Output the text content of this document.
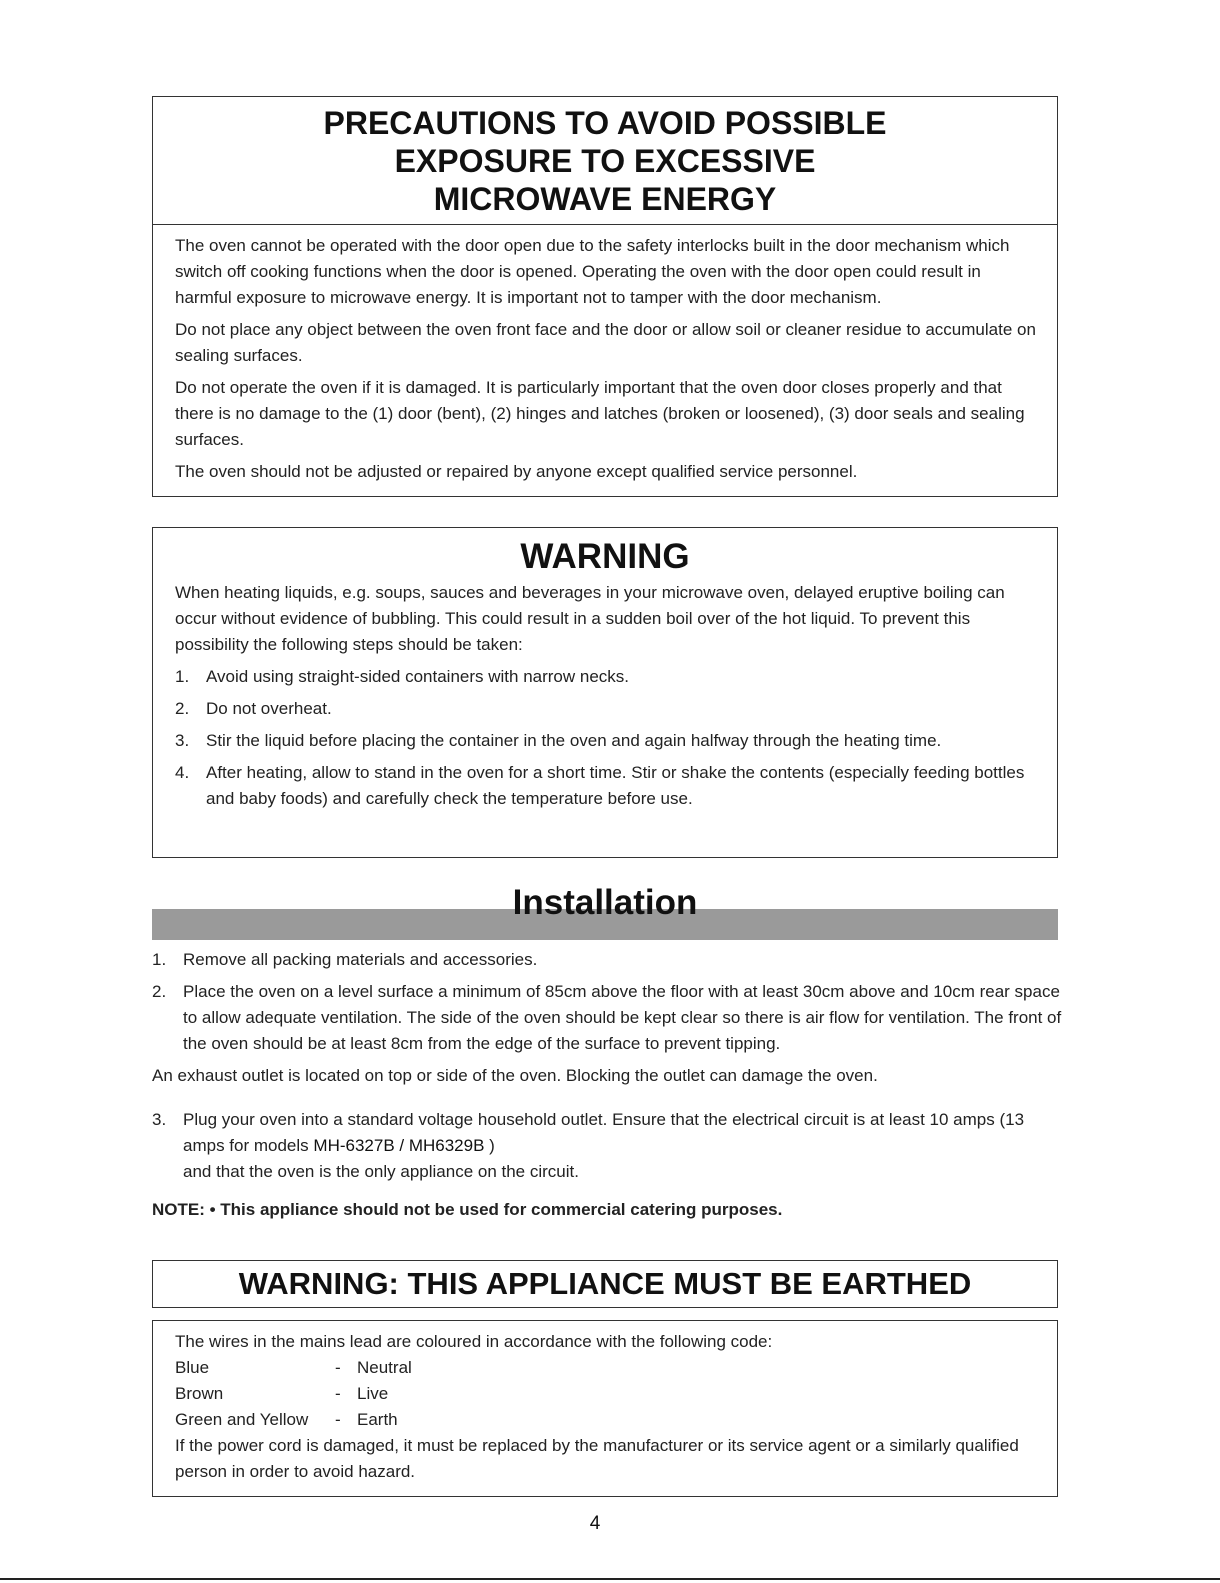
PRECAUTIONS TO AVOID POSSIBLE
EXPOSURE TO EXCESSIVE
MICROWAVE ENERGY

The oven cannot be operated with the door open due to the safety interlocks built in the door mechanism which switch off cooking functions when the door is opened. Operating the oven with the door open could result in harmful exposure to microwave energy. It is important not to tamper with the door mechanism.

Do not place any object between the oven front face and the door or allow soil or cleaner residue to accumulate on sealing surfaces.

Do not operate the oven if it is damaged. It is particularly important that the oven door closes properly and that there is no damage to the (1) door (bent), (2) hinges and latches (broken or loosened), (3) door seals and sealing surfaces.

The oven should not be adjusted or repaired by anyone except qualified service personnel.

WARNING

When heating liquids, e.g. soups, sauces and beverages in your microwave oven, delayed eruptive boiling can occur without evidence of bubbling. This could result in a sudden boil over of the hot liquid. To prevent this possibility the following steps should be taken:

1. Avoid using straight-sided containers with narrow necks.
2. Do not overheat.
3. Stir the liquid before placing the container in the oven and again halfway through the heating time.
4. After heating, allow to stand in the oven for a short time. Stir or shake the contents (especially feeding bottles and baby foods) and carefully check the temperature before use.
Installation
1. Remove all packing materials and accessories.
2. Place the oven on a level surface a minimum of 85cm above the floor with at least 30cm above and 10cm rear space to allow adequate ventilation. The side of the oven should be kept clear so there is air flow for ventilation. The front of the oven should be at least 8cm from the edge of the surface to prevent tipping.

An exhaust outlet is located on top or side of the oven. Blocking the outlet can damage the oven.

3. Plug your oven into a standard voltage household outlet. Ensure that the electrical circuit is at least 10 amps (13 amps for models MH-6327B / MH6329B )
and that the oven is the only appliance on the circuit.
NOTE: • This appliance should not be used for commercial catering purposes.
WARNING: THIS APPLIANCE MUST BE EARTHED
The wires in the mains lead are coloured in accordance with the following code:
Blue	- Neutral
Brown	- Live
Green and Yellow	- Earth
If the power cord is damaged, it must be replaced by the manufacturer or its service agent or a similarly qualified person in order to avoid hazard.
4
